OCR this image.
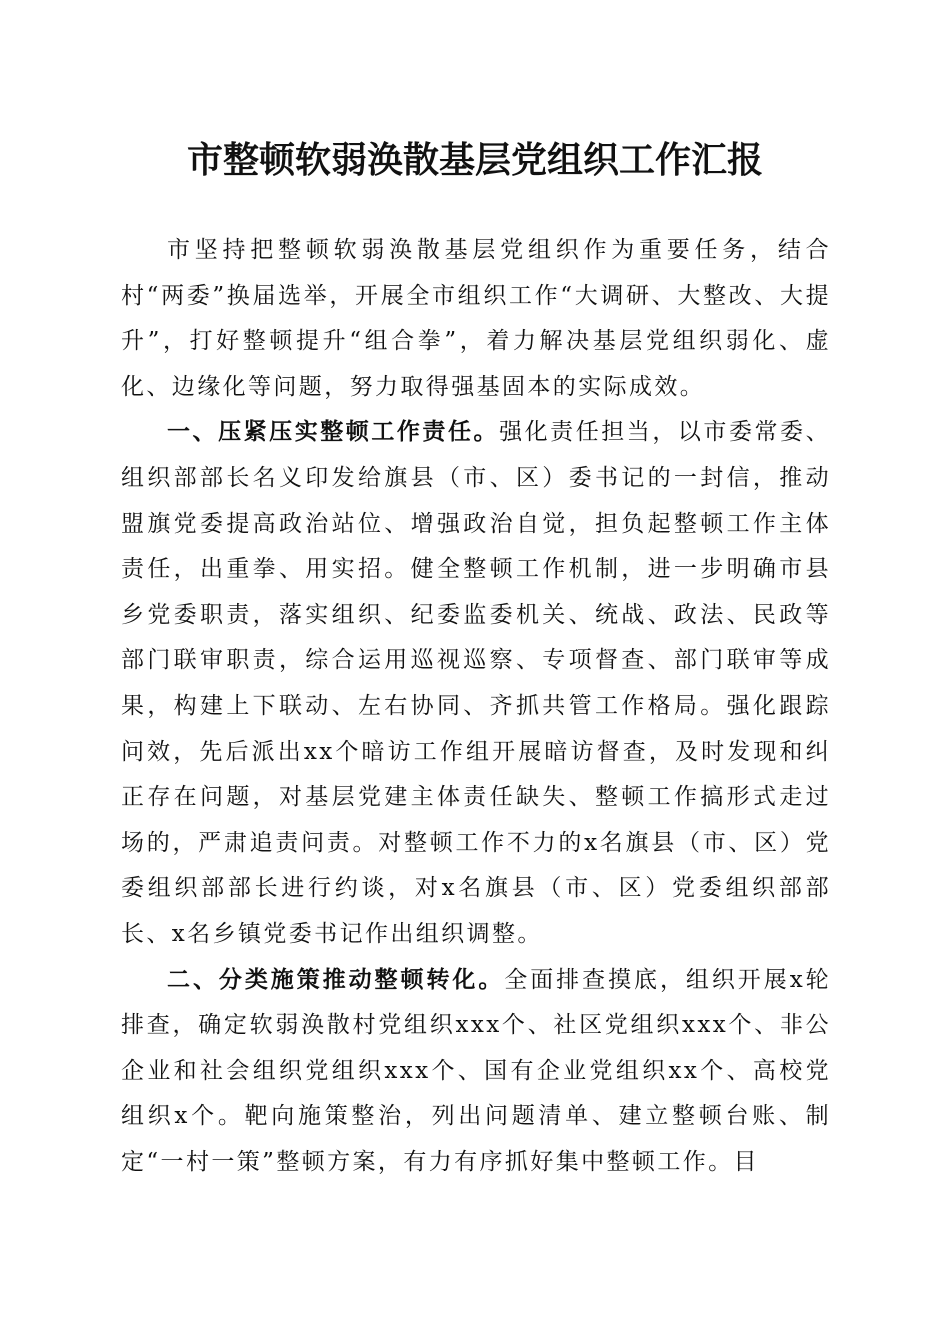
市整顿软弱涣散基层党组织工作汇报

市坚持把整顿软弱涣散基层党组织作为重要任务，结合村“两委”换届选举，开展全市组织工作“大调研、大整改、大提升”，打好整顿提升“组合拳”，着力解决基层党组织弱化、虚化、边缘化等问题，努力取得强基固本的实际成效。

一、压紧压实整顿工作责任。强化责任担当，以市委常委、组织部部长名义印发给旗县（市、区）委书记的一封信，推动盟旗党委提高政治站位、增强政治自觉，担负起整顿工作主体责任，出重拳、用实招。健全整顿工作机制，进一步明确市县乡党委职责，落实组织、纪委监委机关、统战、政法、民政等部门联审职责，综合运用巡视巡察、专项督查、部门联审等成果，构建上下联动、左右协同、齐抓共管工作格局。强化跟踪问效，先后派出xx个暗访工作组开展暗访督查，及时发现和纠正存在问题，对基层党建主体责任缺失、整顿工作搞形式走过场的，严肃追责问责。对整顿工作不力的x名旗县（市、区）党委组织部部长进行约谈，对x名旗县（市、区）党委组织部部长、x名乡镇党委书记作出组织调整。

二、分类施策推动整顿转化。全面排查摸底，组织开展x轮排查，确定软弱涣散村党组织xxx个、社区党组织xxx个、非公企业和社会组织党组织xxx个、国有企业党组织xx个、高校党组织x个。靶向施策整治，列出问题清单、建立整顿台账、制定“一村一策”整顿方案，有力有序抓好集中整顿工作。目
